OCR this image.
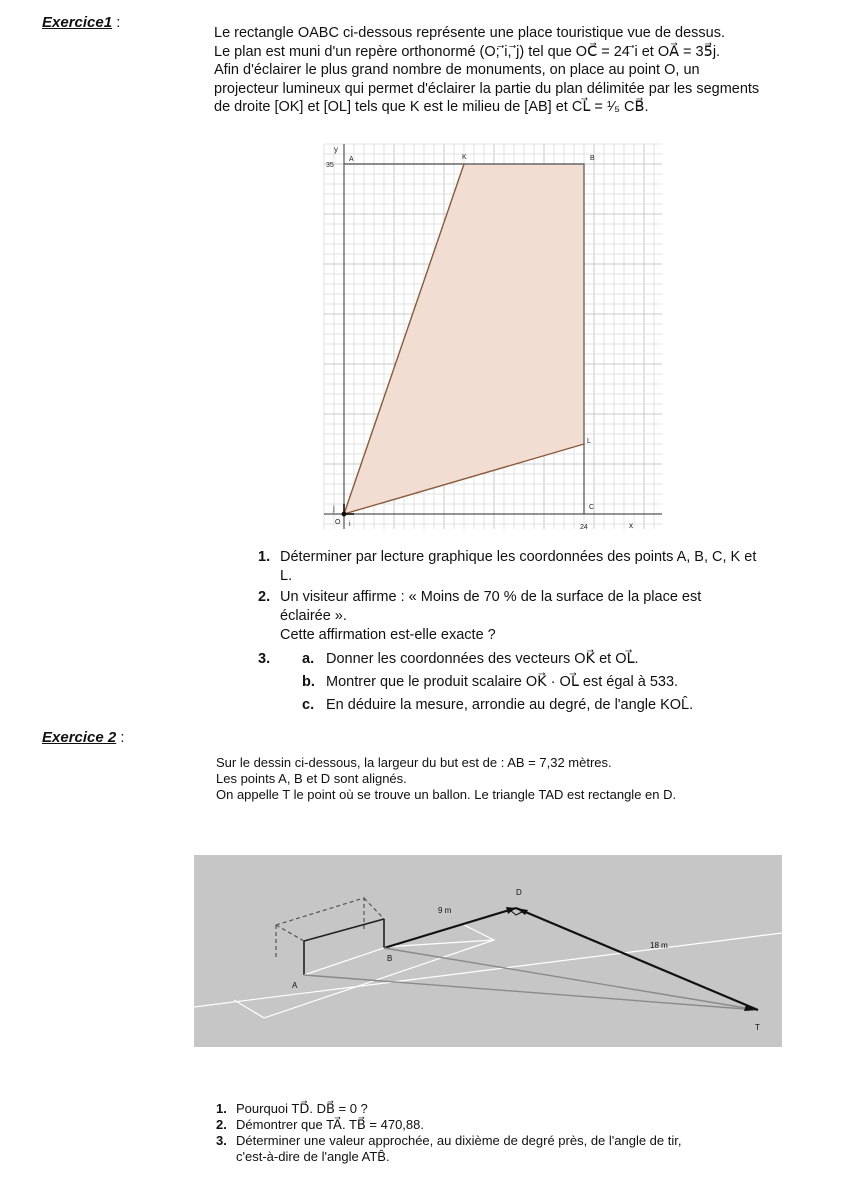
Exercice1 :
Le rectangle OABC ci-dessous représente une place touristique vue de dessus.
Le plan est muni d'un repère orthonormé (O; ⃗i, ⃗j) tel que OC⃗ = 24 ⃗i et OA⃗ = 35⃗j.
Afin d'éclairer le plus grand nombre de monuments, on place au point O, un
projecteur lumineux qui permet d'éclairer la partie du plan délimitée par les segments
de droite [OK] et [OL] tels que K est le milieu de [AB] et CL⃗ = ¹⁄₅ CB⃗.
y
35
24	x
O i
j
A	K	B
L
C
1. Déterminer par lecture graphique les coordonnées des points A, B, C, K et
L.
2. Un visiteur affirme : « Moins de 70 % de la surface de la place est
éclairée ».
Cette affirmation est-elle exacte ?
3. a. Donner les coordonnées des vecteurs OK⃗ et OL⃗.
b. Montrer que le produit scalaire OK⃗ · OL⃗ est égal à 533.
c. En déduire la mesure, arrondie au degré, de l'angle KOL̂.
Exercice 2 :
Sur le dessin ci-dessous, la largeur du but est de : AB = 7,32 mètres.
Les points A, B et D sont alignés.
On appelle T le point où se trouve un ballon. Le triangle TAD est rectangle en D.
9 m
18 m
A
B
D
T
1. Pourquoi TD⃗. DB⃗ = 0 ?
2. Démontrer que TA⃗. TB⃗ = 470,88.
3. Déterminer une valeur approchée, au dixième de degré près, de l'angle de tir,
c'est-à-dire de l'angle ATB̂.
